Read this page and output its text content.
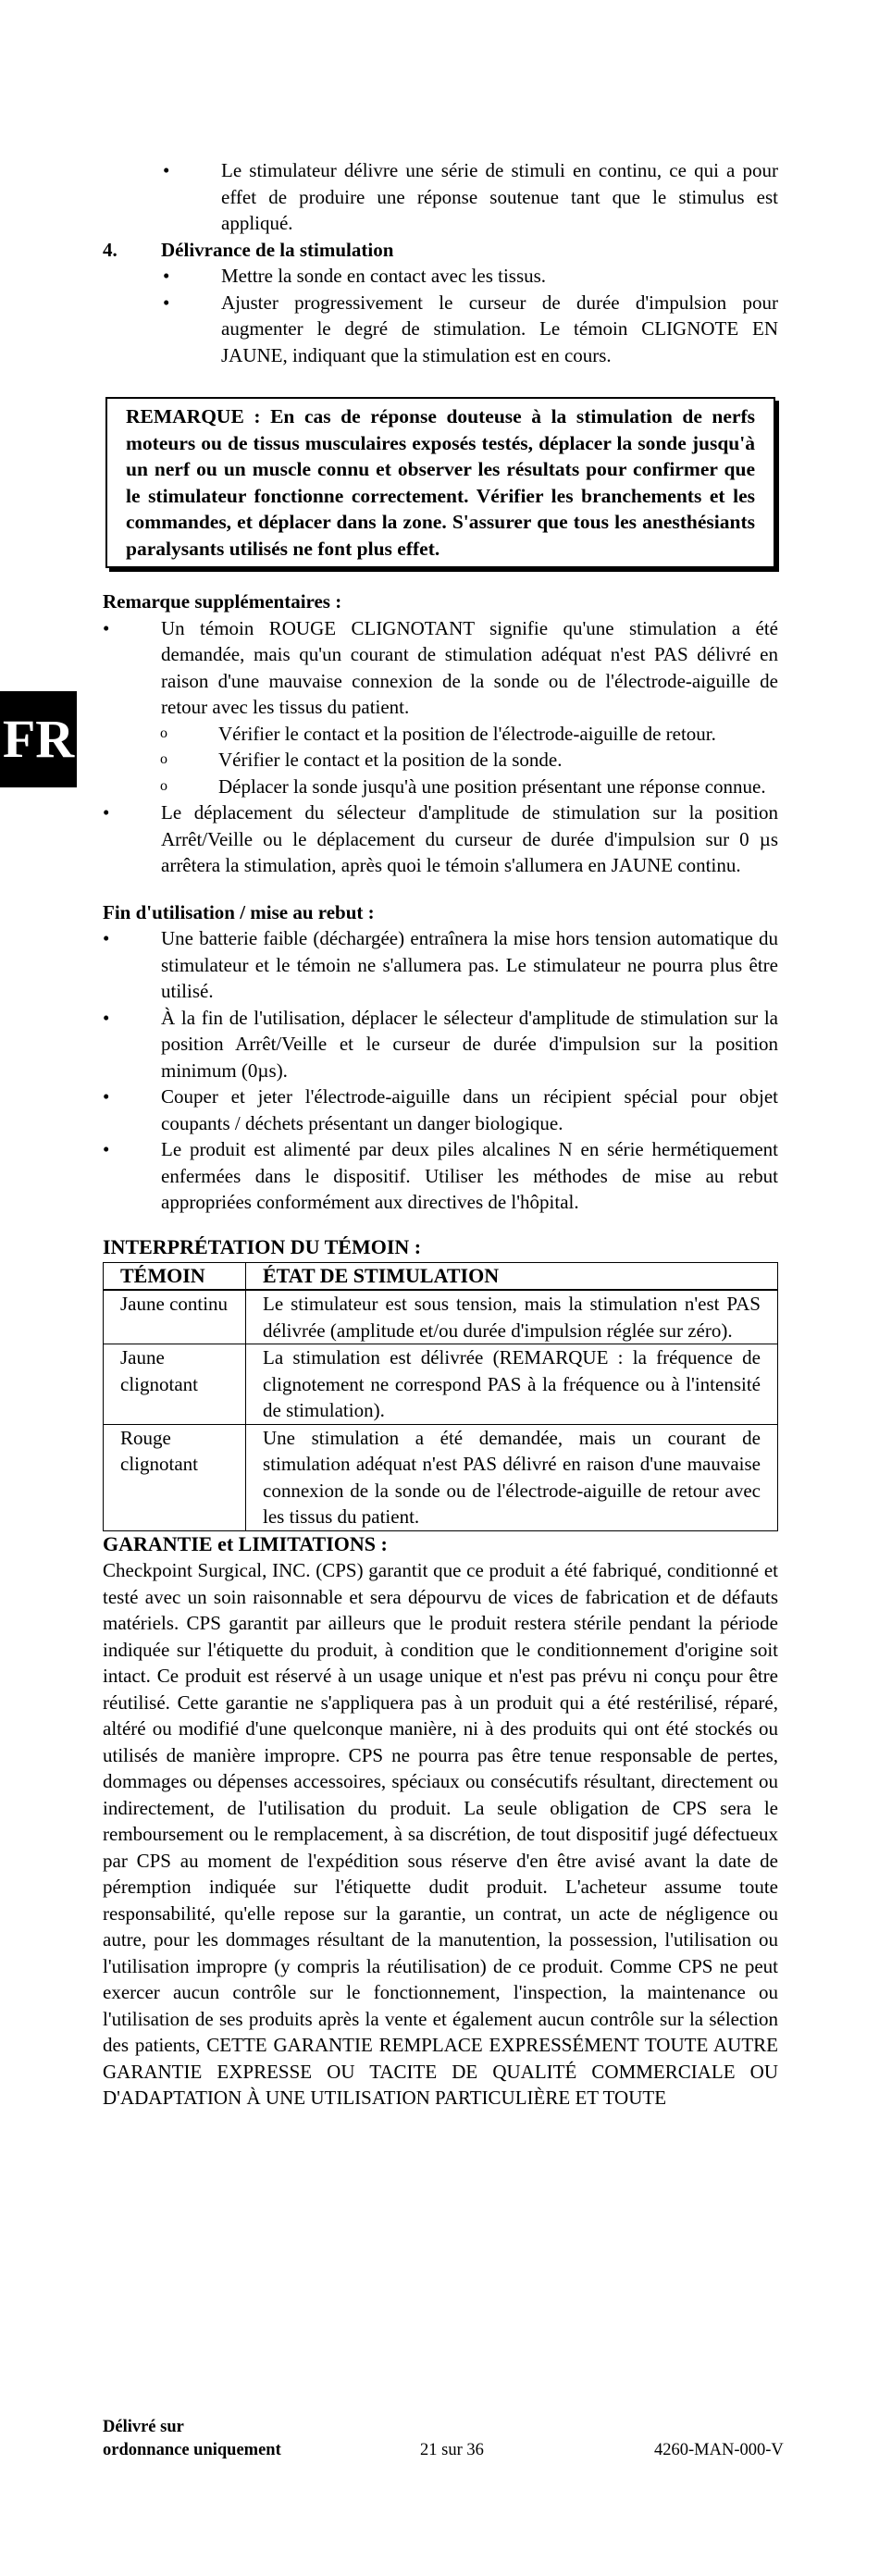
FR
•	Le stimulateur délivre une série de stimuli en continu, ce qui a pour effet de produire une réponse soutenue tant que le stimulus est appliqué.
4.	Délivrance de la stimulation
•	Mettre la sonde en contact avec les tissus.
•	Ajuster progressivement le curseur de durée d'impulsion pour augmenter le degré de stimulation. Le témoin CLIGNOTE EN JAUNE, indiquant que la stimulation est en cours.
REMARQUE : En cas de réponse douteuse à la stimulation de nerfs moteurs ou de tissus musculaires exposés testés, déplacer la sonde jusqu'à un nerf ou un muscle connu et observer les résultats pour confirmer que le stimulateur fonctionne correctement. Vérifier les branchements et les commandes, et déplacer dans la zone. S'assurer que tous les anesthésiants paralysants utilisés ne font plus effet.

Remarque supplémentaires :

•	Un témoin ROUGE CLIGNOTANT signifie qu'une stimulation a été demandée, mais qu'un courant de stimulation adéquat n'est PAS délivré en raison d'une mauvaise connexion de la sonde ou de l'électrode-aiguille de retour avec les tissus du patient.
o	Vérifier le contact et la position de l'électrode-aiguille de retour.
o	Vérifier le contact et la position de la sonde.
o	Déplacer la sonde jusqu'à une position présentant une réponse connue.
•	Le déplacement du sélecteur d'amplitude de stimulation sur la position Arrêt/Veille ou le déplacement du curseur de durée d'impulsion sur 0 µs arrêtera la stimulation, après quoi le témoin s'allumera en JAUNE continu.

Fin d'utilisation / mise au rebut :

•	Une batterie faible (déchargée) entraînera la mise hors tension automatique du stimulateur et le témoin ne s'allumera pas. Le stimulateur ne pourra plus être utilisé.
•	À la fin de l'utilisation, déplacer le sélecteur d'amplitude de stimulation sur la position Arrêt/Veille et le curseur de durée d'impulsion sur la position minimum (0µs).
•	Couper et jeter l'électrode-aiguille dans un récipient spécial pour objet coupants / déchets présentant un danger biologique.
•	Le produit est alimenté par deux piles alcalines N en série hermétiquement enfermées dans le dispositif. Utiliser les méthodes de mise au rebut appropriées conformément aux directives de l'hôpital.

INTERPRÉTATION DU TÉMOIN :

TÉMOIN	ÉTAT DE STIMULATION
Jaune continu	Le stimulateur est sous tension, mais la stimulation n'est PAS délivrée (amplitude et/ou durée d'impulsion réglée sur zéro).
Jaune clignotant	La stimulation est délivrée (REMARQUE : la fréquence de clignotement ne correspond PAS à la fréquence ou à l'intensité de stimulation).
Rouge clignotant	Une stimulation a été demandée, mais un courant de stimulation adéquat n'est PAS délivré en raison d'une mauvaise connexion de la sonde ou de l'électrode-aiguille de retour avec les tissus du patient.

GARANTIE et LIMITATIONS :

Checkpoint Surgical, INC. (CPS) garantit que ce produit a été fabriqué, conditionné et testé avec un soin raisonnable et sera dépourvu de vices de fabrication et de défauts matériels. CPS garantit par ailleurs que le produit restera stérile pendant la période indiquée sur l'étiquette du produit, à condition que le conditionnement d'origine soit intact. Ce produit est réservé à un usage unique et n'est pas prévu ni conçu pour être réutilisé. Cette garantie ne s'appliquera pas à un produit qui a été restérilisé, réparé, altéré ou modifié d'une quelconque manière, ni à des produits qui ont été stockés ou utilisés de manière impropre. CPS ne pourra pas être tenue responsable de pertes, dommages ou dépenses accessoires, spéciaux ou consécutifs résultant, directement ou indirectement, de l'utilisation du produit. La seule obligation de CPS sera le remboursement ou le remplacement, à sa discrétion, de tout dispositif jugé défectueux par CPS au moment de l'expédition sous réserve d'en être avisé avant la date de péremption indiquée sur l'étiquette dudit produit. L'acheteur assume toute responsabilité, qu'elle repose sur la garantie, un contrat, un acte de négligence ou autre, pour les dommages résultant de la manutention, la possession, l'utilisation ou l'utilisation impropre (y compris la réutilisation) de ce produit. Comme CPS ne peut exercer aucun contrôle sur le fonctionnement, l'inspection, la maintenance ou l'utilisation de ses produits après la vente et également aucun contrôle sur la sélection des patients, CETTE GARANTIE REMPLACE EXPRESSÉMENT TOUTE AUTRE GARANTIE EXPRESSE OU TACITE DE QUALITÉ COMMERCIALE OU D'ADAPTATION À UNE UTILISATION PARTICULIÈRE ET TOUTE

Délivré sur
ordonnance uniquement	21 sur 36	4260-MAN-000-V
